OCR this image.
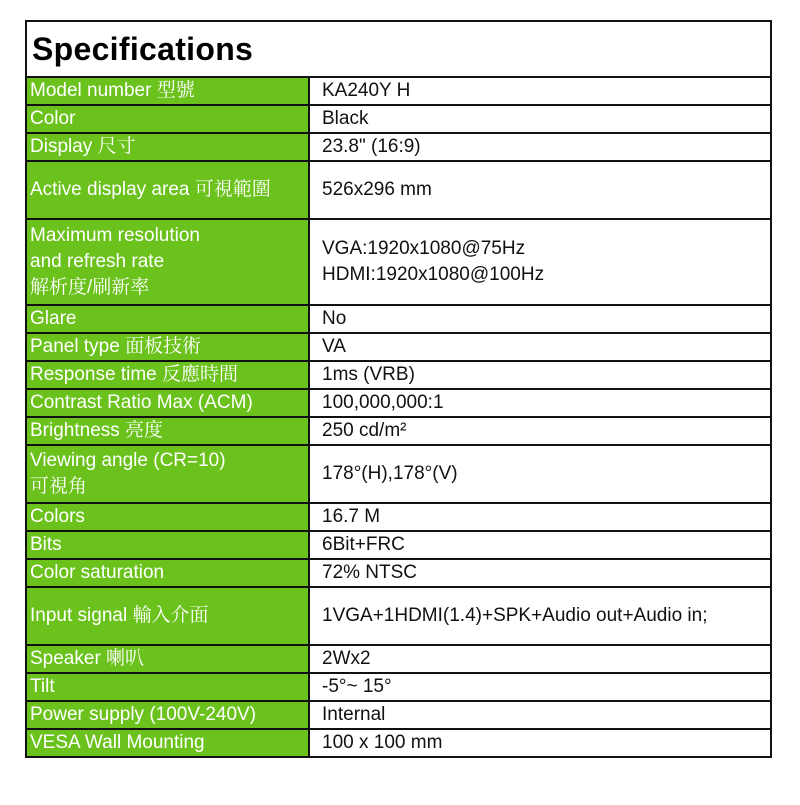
Specifications
Model number 型號	KA240Y H
Color	Black
Display 尺寸	23.8" (16:9)
Active display area 可視範圍	526x296 mm
Maximum resolution
and refresh rate
解析度/刷新率	VGA:1920x1080@75Hz
HDMI:1920x1080@100Hz
Glare	No
Panel type 面板技術	VA
Response time 反應時間	1ms (VRB)
Contrast Ratio Max (ACM)	100,000,000:1
Brightness 亮度	250 cd/m²
Viewing angle (CR=10)
可視角	178°(H),178°(V)
Colors	16.7 M
Bits	6Bit+FRC
Color saturation	72% NTSC
Input signal 輸入介面	1VGA+1HDMI(1.4)+SPK+Audio out+Audio in;
Speaker 喇叭	2Wx2
Tilt	-5°~ 15°
Power supply (100V-240V)	Internal
VESA Wall Mounting	100 x 100 mm
